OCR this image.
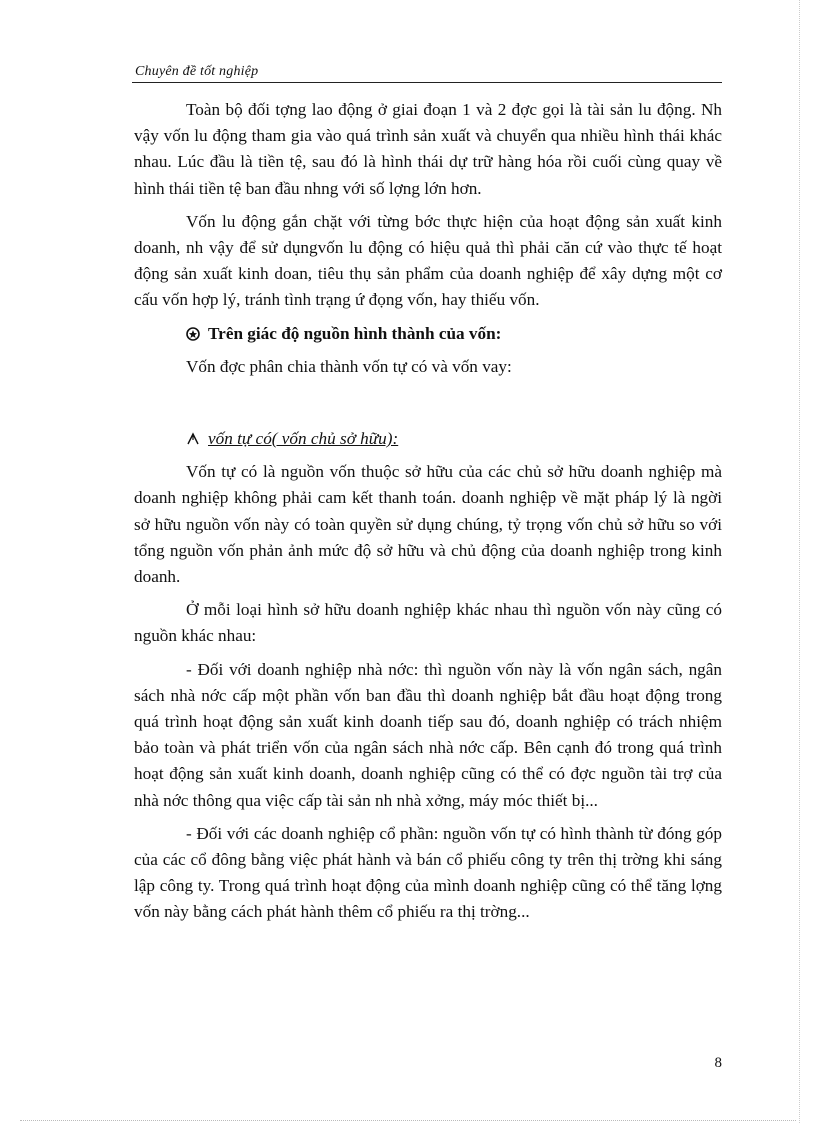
Chuyên đề tốt nghiệp

Toàn bộ đối tợng lao động ở giai đoạn 1 và 2 đợc gọi là tài sản lu động. Nh vậy vốn lu động tham gia vào quá trình sản xuất và chuyển qua nhiều hình thái khác nhau. Lúc đầu là tiền tệ, sau đó là hình thái dự trữ hàng hóa rồi cuối cùng quay về hình thái tiền tệ ban đầu nhng với số lợng lớn hơn.

Vốn lu động gắn chặt với từng bớc thực hiện của hoạt động sản xuất kinh doanh, nh vậy để sử dụngvốn lu động có hiệu quả thì phải căn cứ vào thực tế hoạt động sản xuất kinh doan, tiêu thụ sản phẩm của doanh nghiệp để xây dựng một cơ cấu vốn hợp lý, tránh tình trạng ứ đọng vốn, hay thiếu vốn.

Trên giác độ nguồn hình thành của vốn:

Vốn đợc phân chia thành vốn tự có và vốn vay:

vốn tự có( vốn chủ sở hữu):

Vốn tự có là nguồn vốn thuộc sở hữu của các chủ sở hữu doanh nghiệp mà doanh nghiệp không phải cam kết thanh toán. doanh nghiệp về mặt pháp lý là ngời sở hữu nguồn vốn này có toàn quyền sử dụng chúng, tỷ trọng vốn chủ sở hữu so với tổng nguồn vốn phản ảnh mức độ sở hữu và chủ động của doanh nghiệp trong kinh doanh.

Ở mỗi loại hình sở hữu doanh nghiệp khác nhau thì nguồn vốn này cũng có nguồn khác nhau:

- Đối với doanh nghiệp nhà nớc: thì nguồn vốn này là vốn ngân sách, ngân sách nhà nớc cấp một phần vốn ban đầu thì doanh nghiệp bắt đầu hoạt động trong quá trình hoạt động sản xuất kinh doanh tiếp sau đó, doanh nghiệp có trách nhiệm bảo toàn và phát triển vốn của ngân sách nhà nớc cấp. Bên cạnh đó trong quá trình hoạt động sản xuất kinh doanh, doanh nghiệp cũng có thể có đợc nguồn tài trợ của nhà nớc thông qua việc cấp tài sản nh nhà xởng, máy móc thiết bị...

- Đối với các doanh nghiệp cổ phần: nguồn vốn tự có hình thành từ đóng góp của các cổ đông bằng việc phát hành và bán cổ phiếu công ty trên thị trờng khi sáng lập công ty. Trong quá trình hoạt động của mình doanh nghiệp cũng có thể tăng lợng vốn này bằng cách phát hành thêm cổ phiếu ra thị trờng...

8
